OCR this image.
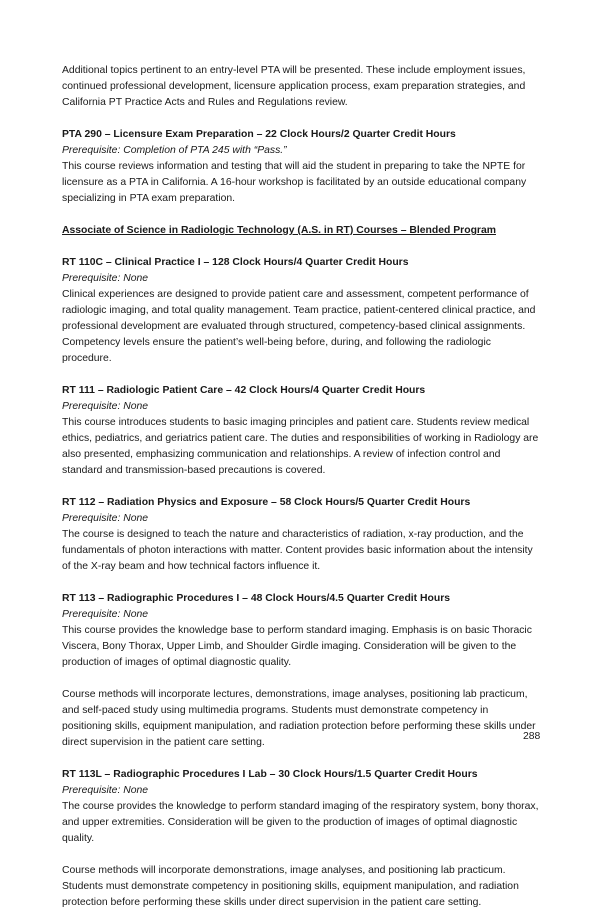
Additional topics pertinent to an entry-level PTA will be presented. These include employment issues, continued professional development, licensure application process, exam preparation strategies, and California PT Practice Acts and Rules and Regulations review.

PTA 290 – Licensure Exam Preparation – 22 Clock Hours/2 Quarter Credit Hours

Prerequisite: Completion of PTA 245 with “Pass.”

This course reviews information and testing that will aid the student in preparing to take the NPTE for licensure as a PTA in California. A 16-hour workshop is facilitated by an outside educational company specializing in PTA exam preparation.

Associate of Science in Radiologic Technology (A.S. in RT) Courses – Blended Program

RT 110C – Clinical Practice I – 128 Clock Hours/4 Quarter Credit Hours

Prerequisite: None

Clinical experiences are designed to provide patient care and assessment, competent performance of radiologic imaging, and total quality management. Team practice, patient-centered clinical practice, and professional development are evaluated through structured, competency-based clinical assignments. Competency levels ensure the patient’s well-being before, during, and following the radiologic procedure.

RT 111 – Radiologic Patient Care – 42 Clock Hours/4 Quarter Credit Hours

Prerequisite: None

This course introduces students to basic imaging principles and patient care. Students review medical ethics, pediatrics, and geriatrics patient care. The duties and responsibilities of working in Radiology are also presented, emphasizing communication and relationships. A review of infection control and standard and transmission-based precautions is covered.

RT 112 – Radiation Physics and Exposure – 58 Clock Hours/5 Quarter Credit Hours

Prerequisite: None

The course is designed to teach the nature and characteristics of radiation, x-ray production, and the fundamentals of photon interactions with matter. Content provides basic information about the intensity of the X-ray beam and how technical factors influence it.

RT 113 – Radiographic Procedures I – 48 Clock Hours/4.5 Quarter Credit Hours

Prerequisite: None

This course provides the knowledge base to perform standard imaging. Emphasis is on basic Thoracic Viscera, Bony Thorax, Upper Limb, and Shoulder Girdle imaging. Consideration will be given to the production of images of optimal diagnostic quality.

Course methods will incorporate lectures, demonstrations, image analyses, positioning lab practicum, and self-paced study using multimedia programs. Students must demonstrate competency in positioning skills, equipment manipulation, and radiation protection before performing these skills under direct supervision in the patient care setting.

RT 113L – Radiographic Procedures I Lab – 30 Clock Hours/1.5 Quarter Credit Hours

Prerequisite: None

The course provides the knowledge to perform standard imaging of the respiratory system, bony thorax, and upper extremities. Consideration will be given to the production of images of optimal diagnostic quality.

Course methods will incorporate demonstrations, image analyses, and positioning lab practicum. Students must demonstrate competency in positioning skills, equipment manipulation, and radiation protection before performing these skills under direct supervision in the patient care setting.

288
